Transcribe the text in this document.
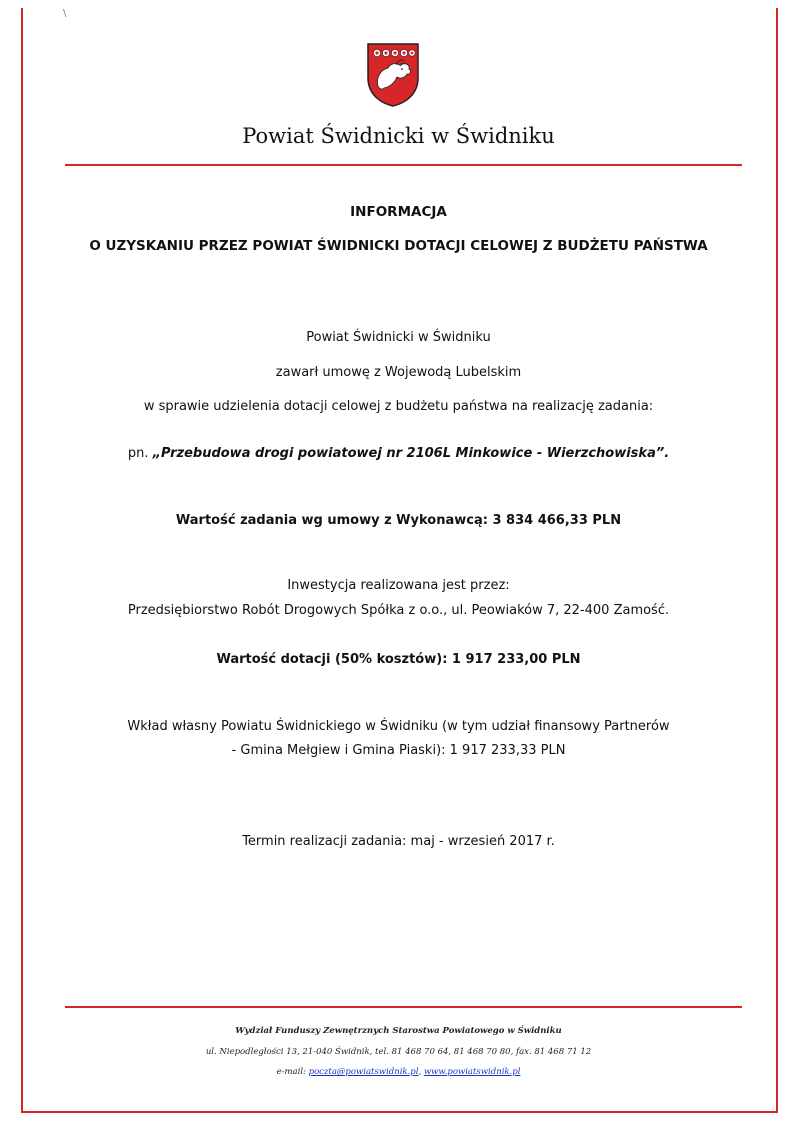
\
Powiat Świdnicki w Świdniku
INFORMACJA
O UZYSKANIU PRZEZ POWIAT ŚWIDNICKI DOTACJI CELOWEJ Z BUDŻETU PAŃSTWA
Powiat Świdnicki w Świdniku
zawarł umowę z Wojewodą Lubelskim
w sprawie udzielenia dotacji celowej z budżetu państwa na realizację zadania:
pn. „Przebudowa drogi powiatowej nr 2106L Minkowice - Wierzchowiska”.
Wartość zadania wg umowy z Wykonawcą: 3 834 466,33 PLN
Inwestycja realizowana jest przez:
Przedsiębiorstwo Robót Drogowych Spółka z o.o., ul. Peowiaków 7, 22-400 Zamość.
Wartość dotacji (50% kosztów): 1 917 233,00 PLN
Wkład własny Powiatu Świdnickiego w Świdniku (w tym udział finansowy Partnerów
- Gmina Mełgiew i Gmina Piaski): 1 917 233,33 PLN
Termin realizacji zadania: maj - wrzesień 2017 r.
Wydział Funduszy Zewnętrznych Starostwa Powiatowego w Świdniku
ul. Niepodległości 13, 21-040 Świdnik, tel. 81 468 70 64, 81 468 70 80, fax. 81 468 71 12
e-mail: poczta@powiatswidnik.pl, www.powiatswidnik.pl
